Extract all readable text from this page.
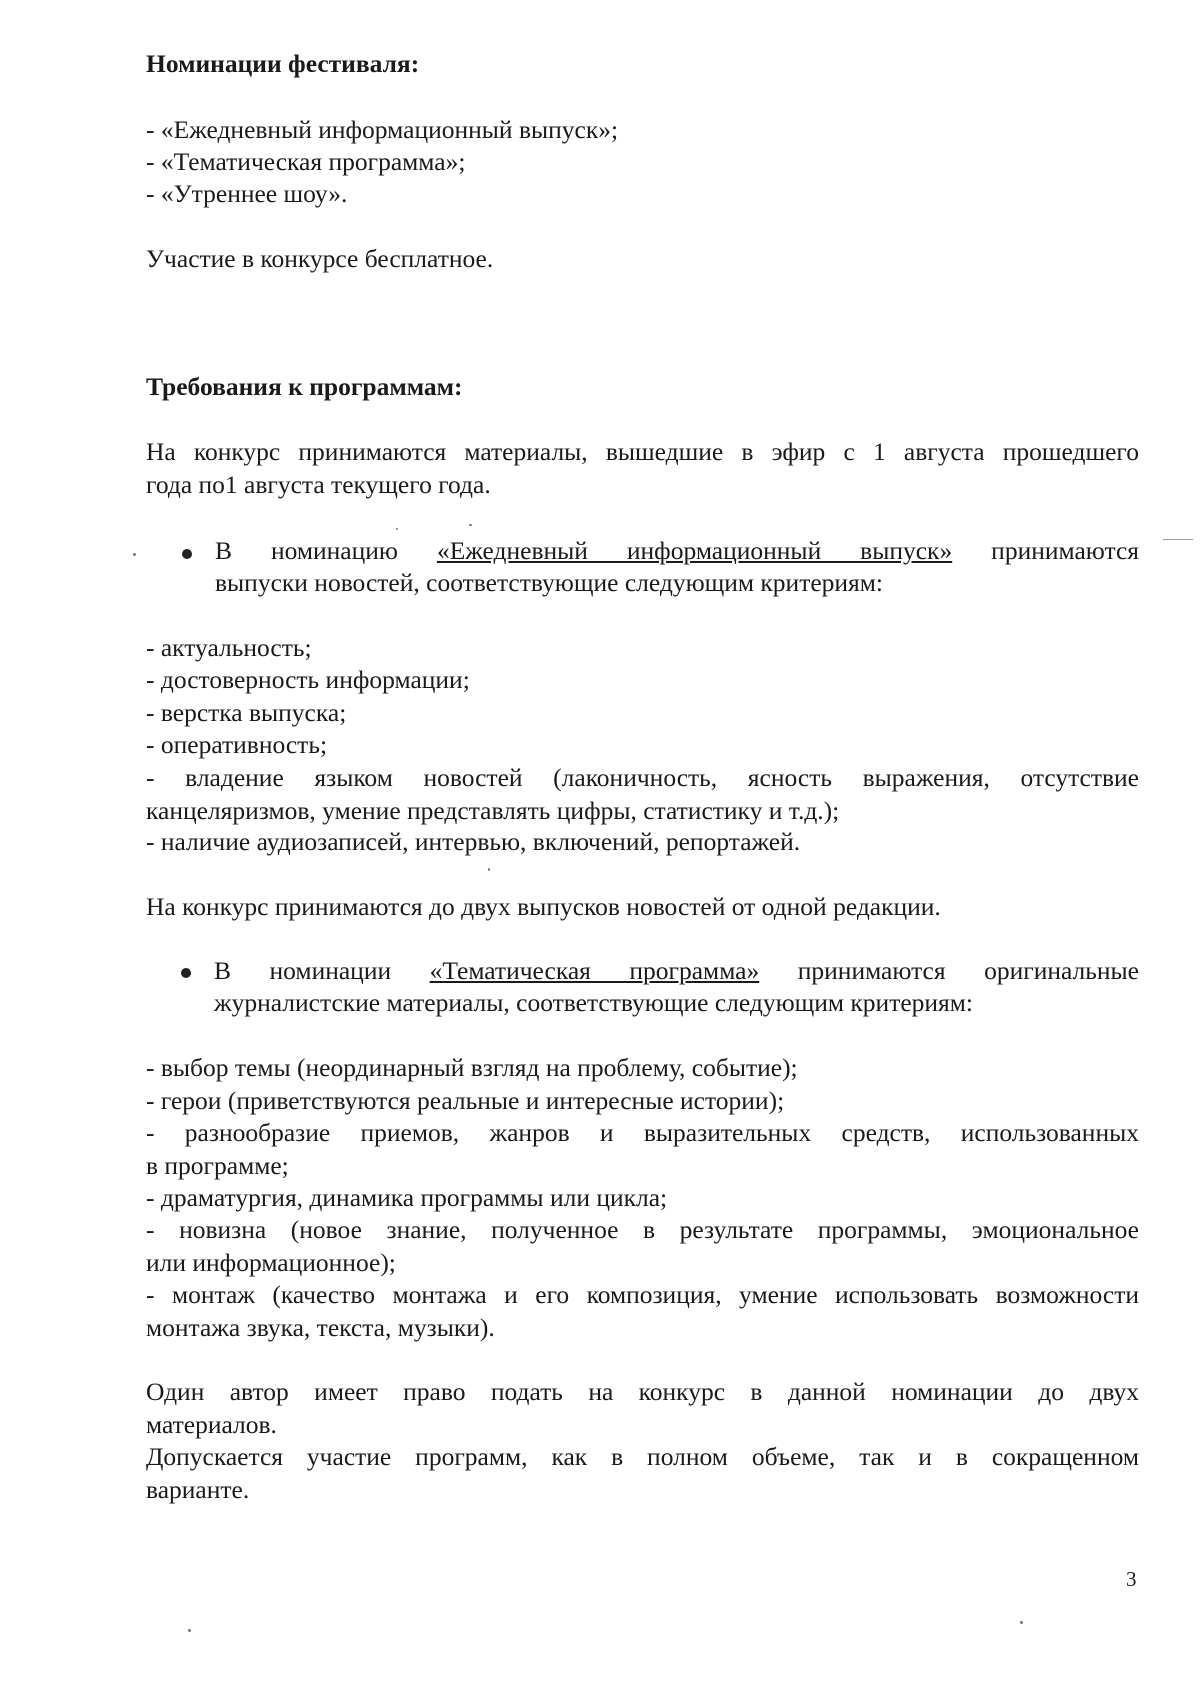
Номинации фестиваля:
- «Ежедневный информационный выпуск»;
- «Тематическая программа»;
- «Утреннее шоу».
Участие в конкурсе бесплатное.
Требования к программам:
На конкурс принимаются материалы, вышедшие в эфир с 1 августа прошедшего
года по1 августа текущего года.
В номинацию «Ежедневный информационный выпуск» принимаются
выпуски новостей, соответствующие следующим критериям:
- актуальность;
- достоверность информации;
- верстка выпуска;
- оперативность;
- владение языком новостей (лаконичность, ясность выражения, отсутствие
канцеляризмов, умение представлять цифры, статистику и т.д.);
- наличие аудиозаписей, интервью, включений, репортажей.
На конкурс принимаются до двух выпусков новостей от одной редакции.
В номинации «Тематическая программа» принимаются оригинальные
журналистские материалы, соответствующие следующим критериям:
- выбор темы (неординарный взгляд на проблему, событие);
- герои (приветствуются реальные и интересные истории);
- разнообразие приемов, жанров и выразительных средств, использованных
в программе;
- драматургия, динамика программы или цикла;
- новизна (новое знание, полученное в результате программы, эмоциональное
или информационное);
- монтаж (качество монтажа и его композиция, умение использовать возможности
монтажа звука, текста, музыки).
Один автор имеет право подать на конкурс в данной номинации до двух
материалов.
Допускается участие программ, как в полном объеме, так и в сокращенном
варианте.
3
